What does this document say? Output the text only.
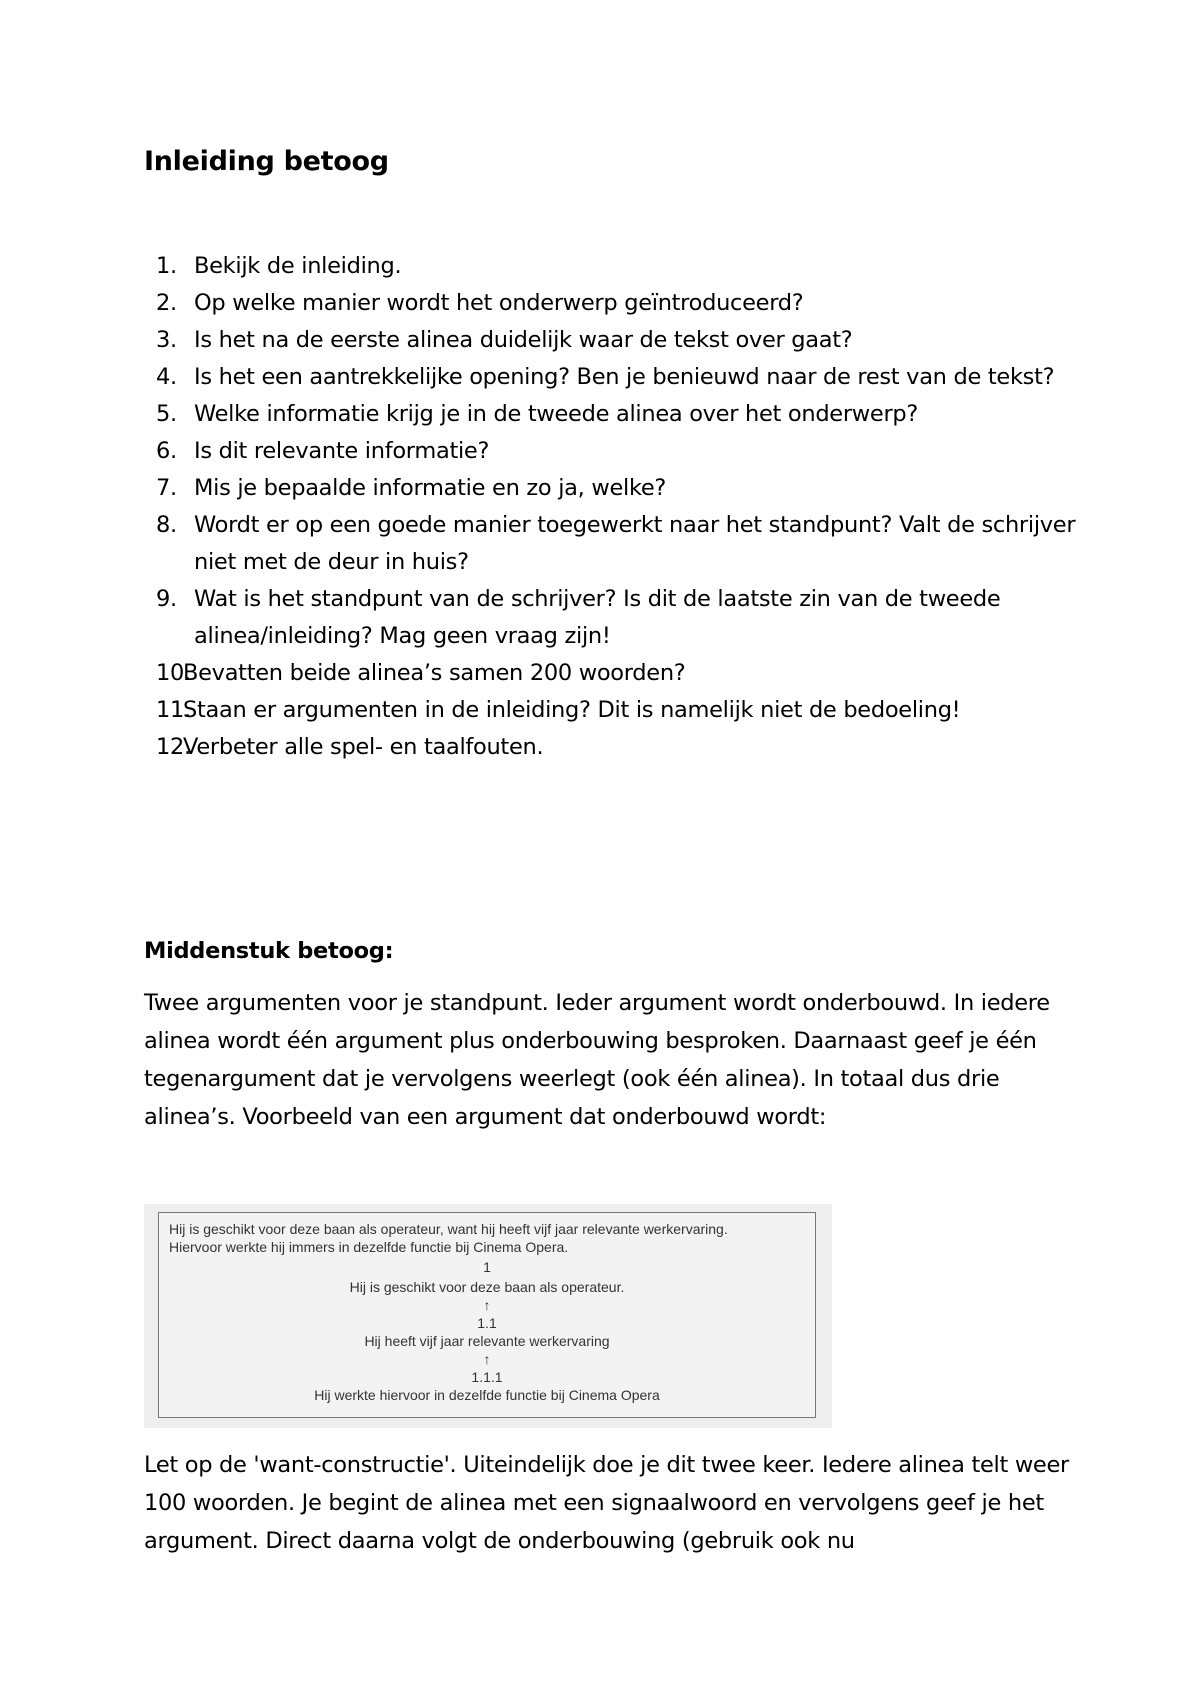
Inleiding betoog
1. Bekijk de inleiding.
2. Op welke manier wordt het onderwerp geïntroduceerd?
3. Is het na de eerste alinea duidelijk waar de tekst over gaat?
4. Is het een aantrekkelijke opening? Ben je benieuwd naar de rest van de tekst?
5. Welke informatie krijg je in de tweede alinea over het onderwerp?
6. Is dit relevante informatie?
7. Mis je bepaalde informatie en zo ja, welke?
8. Wordt er op een goede manier toegewerkt naar het standpunt? Valt de schrijver niet met de deur in huis?
9. Wat is het standpunt van de schrijver? Is dit de laatste zin van de tweede alinea/inleiding? Mag geen vraag zijn!
10.
Bevatten beide alinea’s samen 200 woorden?
11.
Staan er argumenten in de inleiding? Dit is namelijk niet de bedoeling!
12.
Verbeter alle spel- en taalfouten.
Middenstuk betoog:

Twee argumenten voor je standpunt. Ieder argument wordt onderbouwd. In iedere alinea wordt één argument plus onderbouwing besproken. Daarnaast geef je één tegenargument dat je vervolgens weerlegt (ook één alinea). In totaal dus drie alinea’s. Voorbeeld van een argument dat onderbouwd wordt:

Hij is geschikt voor deze baan als operateur, want hij heeft vijf jaar relevante werkervaring.
Hiervoor werkte hij immers in dezelfde functie bij Cinema Opera.
1
Hij is geschikt voor deze baan als operateur.
↑
1.1
Hij heeft vijf jaar relevante werkervaring
↑
1.1.1
Hij werkte hiervoor in dezelfde functie bij Cinema Opera

Let op de 'want-constructie'. Uiteindelijk doe je dit twee keer. Iedere alinea telt weer 100 woorden. Je begint de alinea met een signaalwoord en vervolgens geef je het argument. Direct daarna volgt de onderbouwing (gebruik ook nu
